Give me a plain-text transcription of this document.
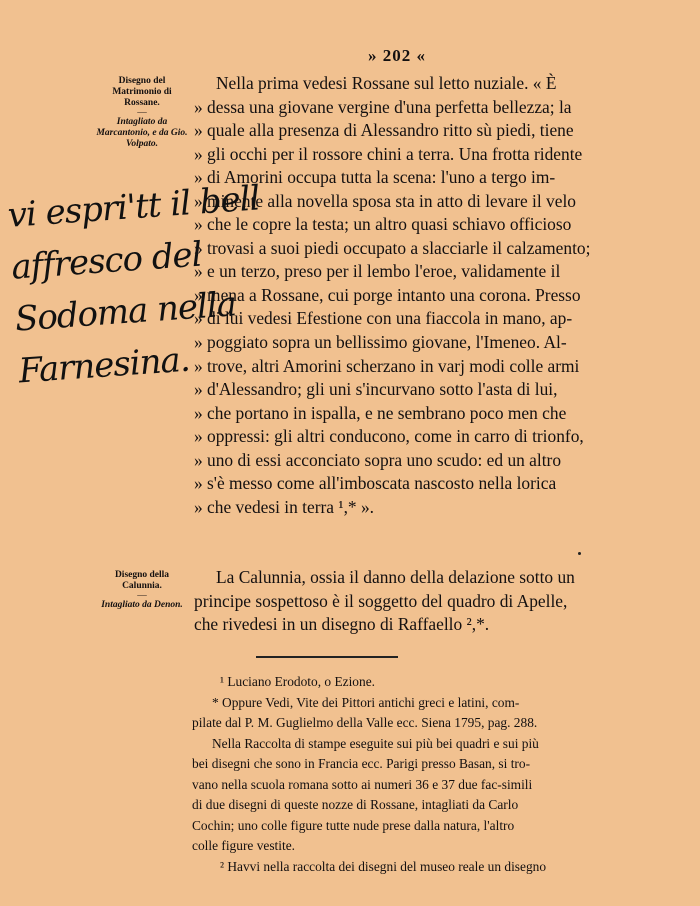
» 202 «
Disegno del Matrimonio di Rossane.
—
Intagliato da Marcantonio, e da Gio. Volpato.
vi espri'tt il bell
affresco del
Sodoma nella
Farnesina.
Nella prima vedesi Rossane sul letto nuziale. « È
» dessa una giovane vergine d'una perfetta bellezza; la
» quale alla presenza di Alessandro ritto sù piedi, tiene
» gli occhi per il rossore chini a terra. Una frotta ridente
» di Amorini occupa tutta la scena: l'uno a tergo im-
» minente alla novella sposa sta in atto di levare il velo
» che le copre la testa; un altro quasi schiavo officioso
» trovasi a suoi piedi occupato a slacciarle il calzamento;
» e un terzo, preso per il lembo l'eroe, validamente il
» mena a Rossane, cui porge intanto una corona. Presso
» di lui vedesi Efestione con una fiaccola in mano, ap-
» poggiato sopra un bellissimo giovane, l'Imeneo. Al-
» trove, altri Amorini scherzano in varj modi colle armi
» d'Alessandro; gli uni s'incurvano sotto l'asta di lui,
» che portano in ispalla, e ne sembrano poco men che
» oppressi: gli altri conducono, come in carro di trionfo,
» uno di essi acconciato sopra uno scudo: ed un altro
» s'è messo come all'imboscata nascosto nella lorica
» che vedesi in terra ¹,* ».
Disegno della Calunnia.
—
Intagliato da Denon.
La Calunnia, ossia il danno della delazione sotto un
principe sospettoso è il soggetto del quadro di Apelle,
che rivedesi in un disegno di Raffaello ²,*.
¹ Luciano Erodoto, o Ezione.
* Oppure Vedi, Vite dei Pittori antichi greci e latini, com-
pilate dal P. M. Guglielmo della Valle ecc. Siena 1795, pag. 288.
Nella Raccolta di stampe eseguite sui più bei quadri e sui più
bei disegni che sono in Francia ecc. Parigi presso Basan, si tro-
vano nella scuola romana sotto ai numeri 36 e 37 due fac-simili
di due disegni di queste nozze di Rossane, intagliati da Carlo
Cochin; uno colle figure tutte nude prese dalla natura, l'altro
colle figure vestite.
² Havvi nella raccolta dei disegni del museo reale un disegno
